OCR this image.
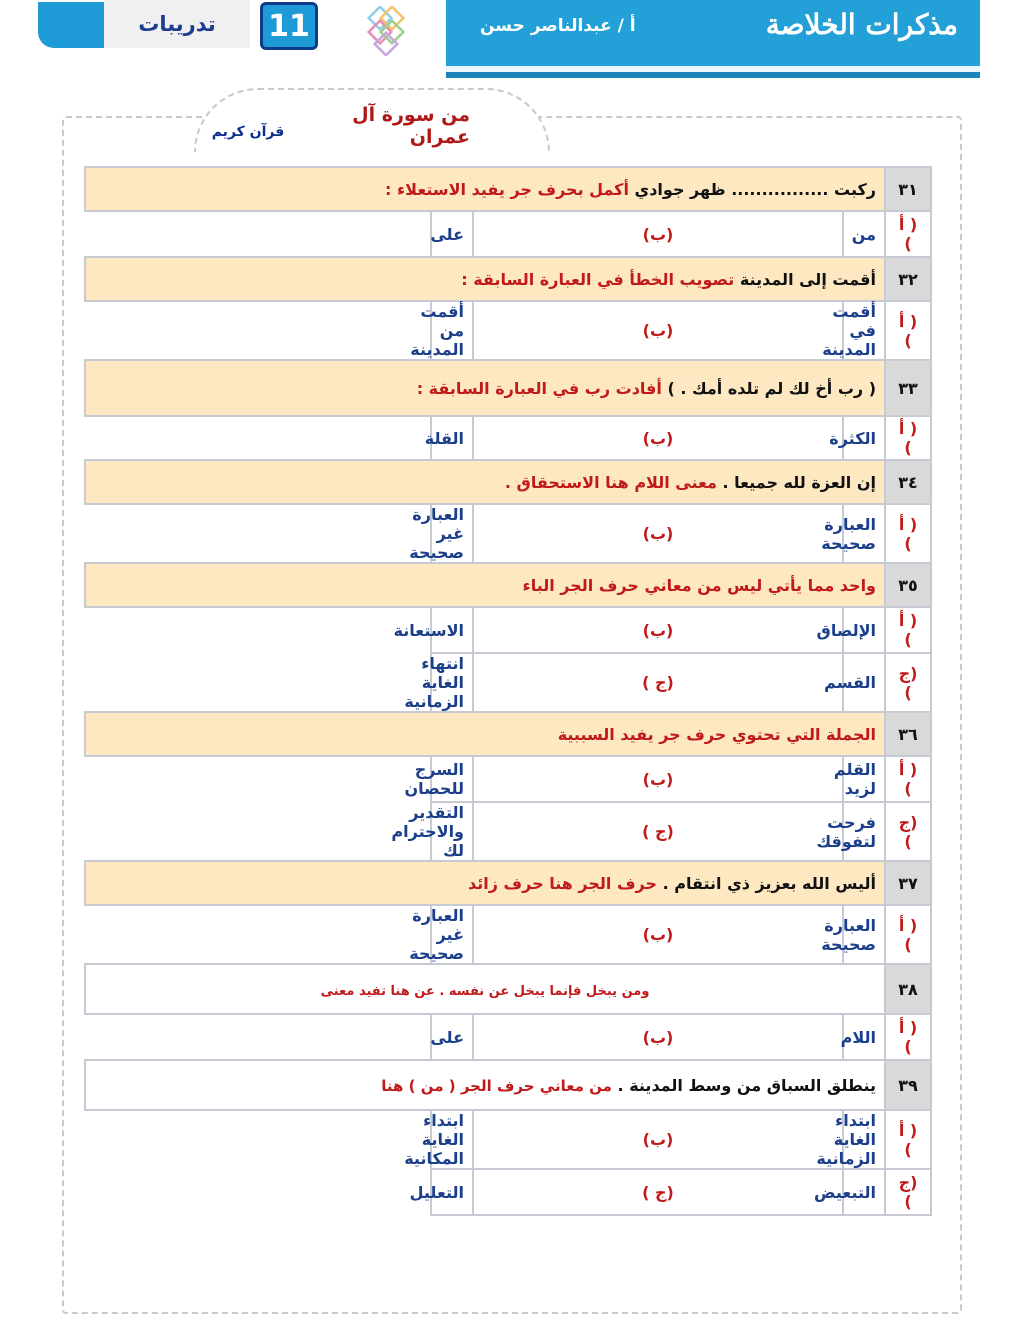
تدريبات	11	مذكرات الخلاصة
أ / عبدالناصر حسن
من سورة آل عمران
قرآن كريم
٣١	ركبت ................ ظهر جوادي أكمل بحرف جر يفيد الاستعلاء :		
( أ )	من	(ب)	على
٣٢	أقمت إلى المدينة تصويب الخطأ في العبارة السابقة :		
( أ )	أقمت في المدينة	(ب)	أقمت من المدينة
٣٣	( رب أخ لك لم تلده أمك . ) أفادت رب في العبارة السابقة :		
( أ )	الكثرة	(ب)	القلة
٣٤	إن العزة لله جميعا . معنى اللام هنا الاستحقاق .		
( أ )	العبارة صحيحة	(ب)	العبارة غير صحيحة
٣٥	واحد مما يأتي ليس من معاني حرف الجر الباء		
( أ )	الإلصاق	(ب)	الاستعانة
(ج )	القسم	(ج )	انتهاء الغاية الزمانية
٣٦	الجملة التي تحتوي حرف جر يفيد السببية		
( أ )	القلم لزيد	(ب)	السرج للحصان
(ج )	فرحت لتفوقك	(ج )	التقدير والاحترام لك
٣٧	أليس الله بعزيز ذي انتقام . حرف الجر هنا حرف زائد		
( أ )	العبارة صحيحة	(ب)	العبارة غير صحيحة
٣٨	ومن يبخل فإنما يبخل عن نفسه . عن هنا تفيد معنى		
( أ )	اللام	(ب)	على
٣٩	ينطلق السباق من وسط المدينة . من معاني حرف الجر ( من ) هنا		
( أ )	ابتداء الغاية الزمانية	(ب)	ابتداء الغاية المكانية
(ج )	التبعيض	(ج )	التعليل
